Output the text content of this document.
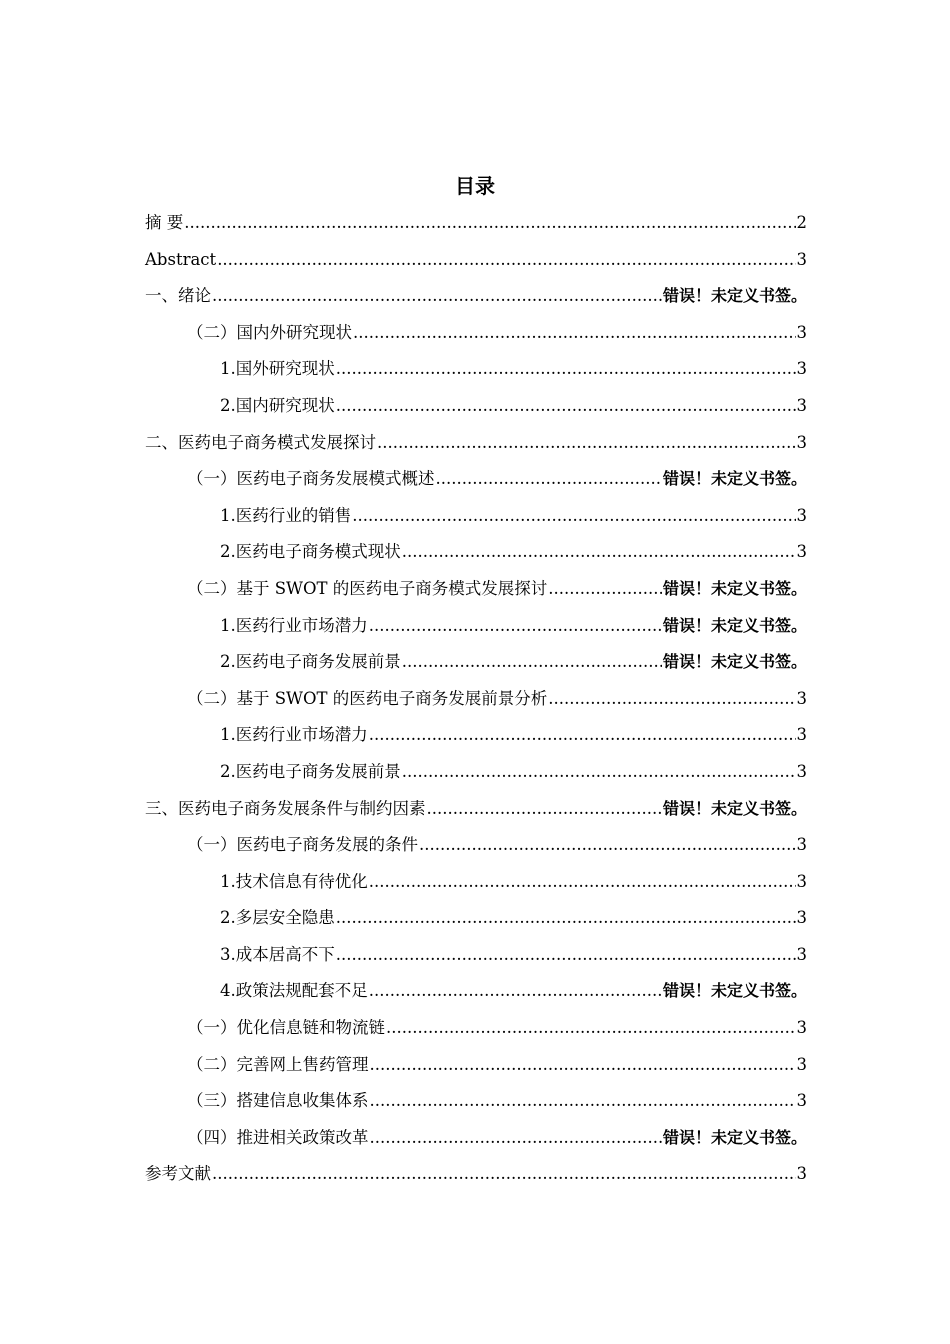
目录
摘 要 .....	2
Abstract .....	3
一、绪论 .....	错误！未定义书签。
（二）国内外研究现状 .....	3
1.国外研究现状 .....	3
2.国内研究现状 .....	3
二、医药电子商务模式发展探讨 .....	3
（一）医药电子商务发展模式概述 .....	错误！未定义书签。
1.医药行业的销售 .....	3
2.医药电子商务模式现状 .....	3
（二）基于 SWOT 的医药电子商务模式发展探讨 .....	错误！未定义书签。
1.医药行业市场潜力 .....	错误！未定义书签。
2.医药电子商务发展前景 .....	错误！未定义书签。
（二）基于 SWOT 的医药电子商务发展前景分析 .....	3
1.医药行业市场潜力 .....	3
2.医药电子商务发展前景 .....	3
三、医药电子商务发展条件与制约因素 .....	错误！未定义书签。
（一）医药电子商务发展的条件 .....	3
1.技术信息有待优化 .....	3
2.多层安全隐患 .....	3
3.成本居高不下 .....	3
4.政策法规配套不足 .....	错误！未定义书签。
（一）优化信息链和物流链 .....	3
（二）完善网上售药管理 .....	3
（三）搭建信息收集体系 .....	3
（四）推进相关政策改革 .....	错误！未定义书签。
参考文献 .....	3
